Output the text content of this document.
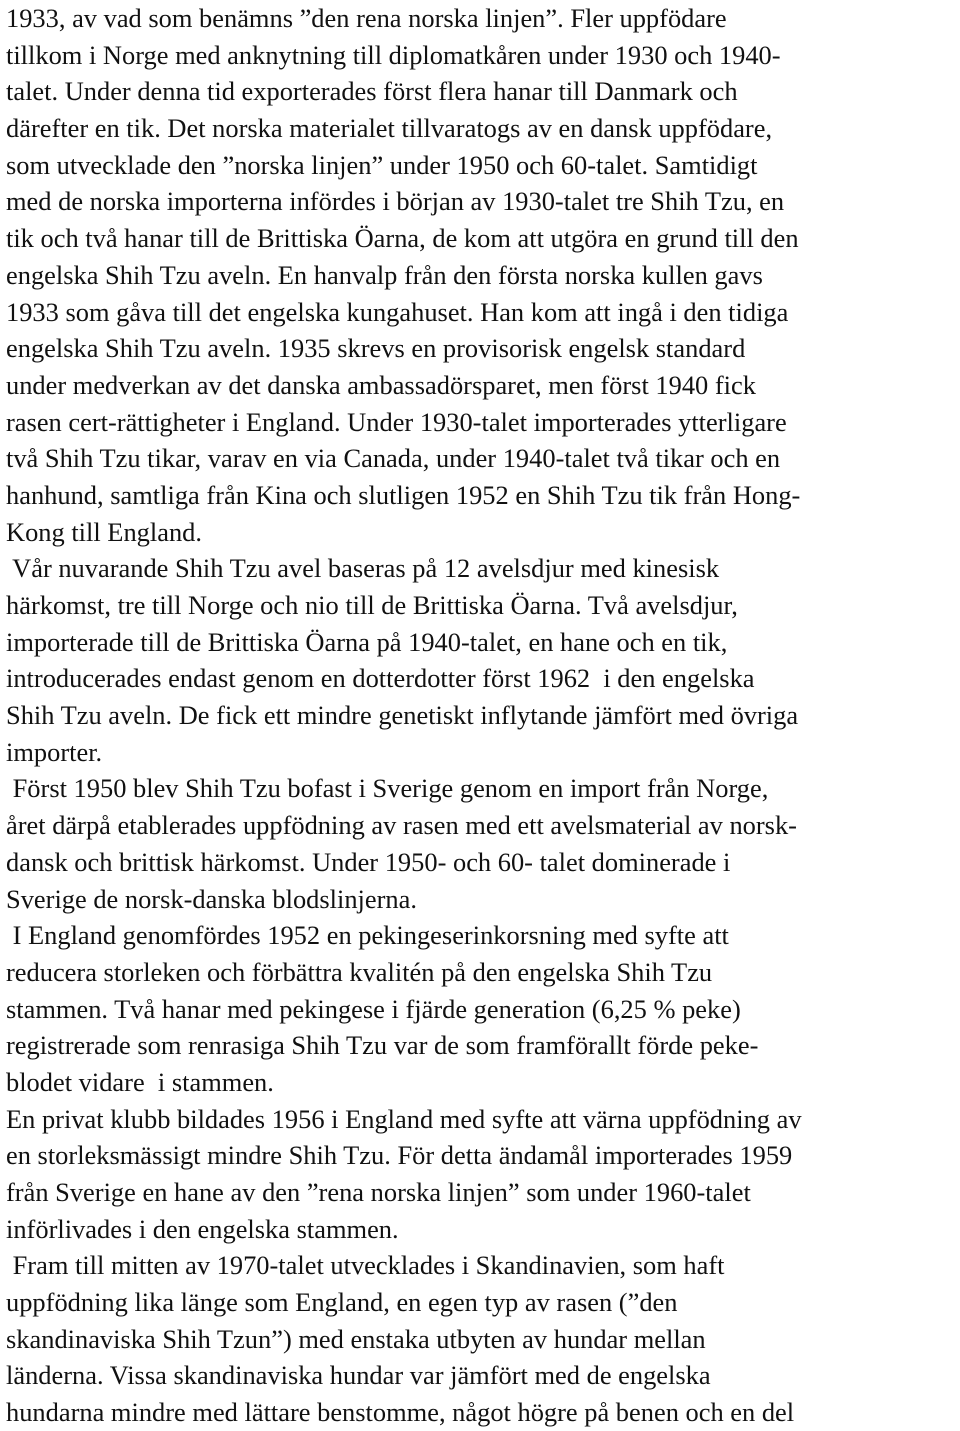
1933, av vad som benämns ”den rena norska linjen”. Fler uppfödare
tillkom i Norge med anknytning till diplomatkåren under 1930 och 1940-
talet. Under denna tid exporterades först flera hanar till Danmark och
därefter en tik. Det norska materialet tillvaratogs av en dansk uppfödare,
som utvecklade den ”norska linjen” under 1950 och 60-talet. Samtidigt
med de norska importerna infördes i början av 1930-talet tre Shih Tzu, en
tik och två hanar till de Brittiska Öarna, de kom att utgöra en grund till den
engelska Shih Tzu aveln. En hanvalp från den första norska kullen gavs
1933 som gåva till det engelska kungahuset. Han kom att ingå i den tidiga
engelska Shih Tzu aveln. 1935 skrevs en provisorisk engelsk standard
under medverkan av det danska ambassadörsparet, men först 1940 fick
rasen cert-rättigheter i England. Under 1930-talet importerades ytterligare
två Shih Tzu tikar, varav en via Canada, under 1940-talet två tikar och en
hanhund, samtliga från Kina och slutligen 1952 en Shih Tzu tik från Hong-
Kong till England.
Vår nuvarande Shih Tzu avel baseras på 12 avelsdjur med kinesisk
härkomst, tre till Norge och nio till de Brittiska Öarna. Två avelsdjur,
importerade till de Brittiska Öarna på 1940-talet, en hane och en tik,
introducerades endast genom en dotterdotter först 1962  i den engelska
Shih Tzu aveln. De fick ett mindre genetiskt inflytande jämfört med övriga
importer.
Först 1950 blev Shih Tzu bofast i Sverige genom en import från Norge,
året därpå etablerades uppfödning av rasen med ett avelsmaterial av norsk-
dansk och brittisk härkomst. Under 1950- och 60- talet dominerade i
Sverige de norsk-danska blodslinjerna.
I England genomfördes 1952 en pekingeserinkorsning med syfte att
reducera storleken och förbättra kvalitén på den engelska Shih Tzu
stammen. Två hanar med pekingese i fjärde generation (6,25 % peke)
registrerade som renrasiga Shih Tzu var de som framförallt förde peke-
blodet vidare  i stammen.
En privat klubb bildades 1956 i England med syfte att värna uppfödning av
en storleksmässigt mindre Shih Tzu. För detta ändamål importerades 1959
från Sverige en hane av den ”rena norska linjen” som under 1960-talet
införlivades i den engelska stammen.
Fram till mitten av 1970-talet utvecklades i Skandinavien, som haft
uppfödning lika länge som England, en egen typ av rasen (”den
skandinaviska Shih Tzun”) med enstaka utbyten av hundar mellan
länderna. Vissa skandinaviska hundar var jämfört med de engelska
hundarna mindre med lättare benstomme, något högre på benen och en del
